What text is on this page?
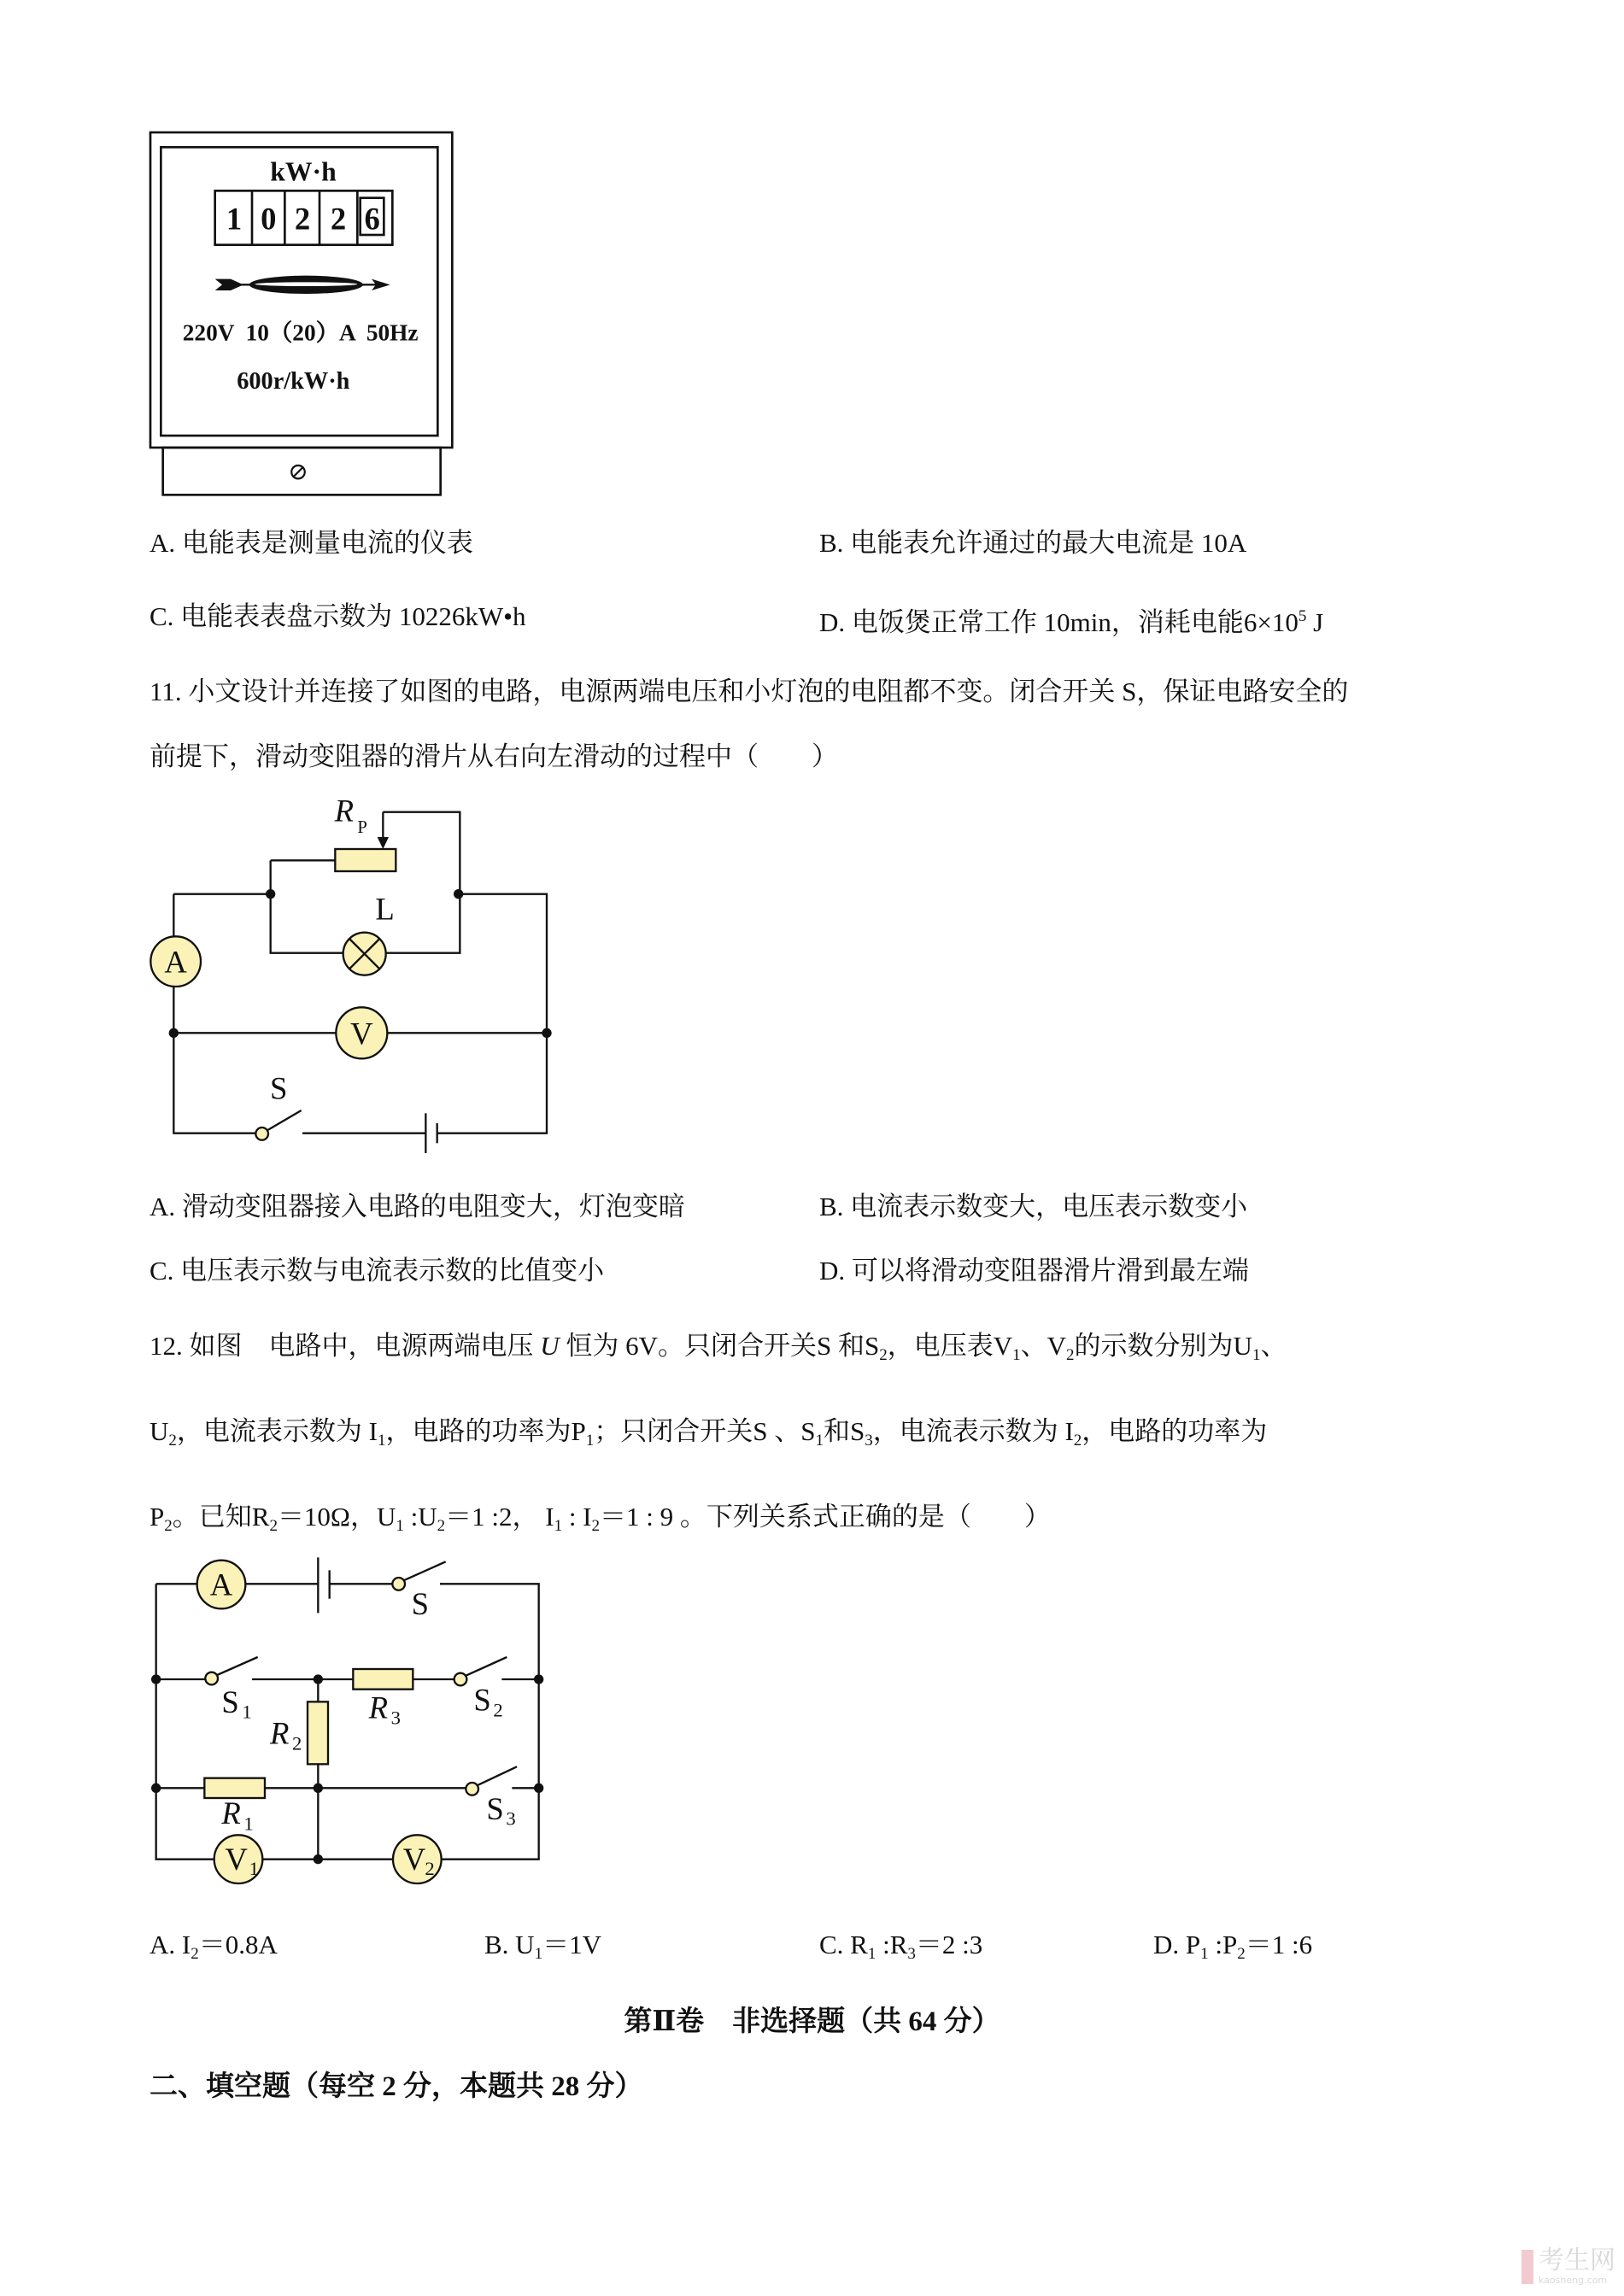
kW·h
1 0 2 2 6
220V  10（20）A  50Hz
600r/kW·h
⊘
A. 电能表是测量电流的仪表	B. 电能表允许通过的最大电流是 10A
C. 电能表表盘示数为 10226kW•h	D. 电饭煲正常工作 10min，消耗电能$6\times 10^5$ J
11. 小文设计并连接了如图的电路，电源两端电压和小灯泡的电阻都不变。闭合开关 S，保证电路安全的
前提下，滑动变阻器的滑片从右向左滑动的过程中（　　）
A
V
R P
L
S
A. 滑动变阻器接入电路的电阻变大，灯泡变暗	B. 电流表示数变大，电压表示数变小
C. 电压表示数与电流表示数的比值变小	D. 可以将滑动变阻器滑片滑到最左端
12. 如图　电路中，电源两端电压 U 恒为 6V。只闭合开关S 和$S_2$，电压表$V_1$、$V_2$的示数分别为$U_1$、
$U_2$，电流表示数为 $I_1$，电路的功率为$P_1$；只闭合开关S 、$S_1$和$S_3$，电流表示数为 $I_2$，电路的功率为
$P_2$。已知$R_2=10\Omega$，$U_1$ $:U_2=1$ :2， $I_1$ : $I_2=1$ : 9 。下列关系式正确的是（　　）
A
S
S 1 S 2
S 3
R 3
R 2
R 1
V 1 V 2
A. $I_2=0.8A$	B. $U_1=1V$	C. $R_1$ $:R_3=2$ :3	D. $P_1$ $:P_2=1$ :6
第Ⅱ卷　非选择题（共 64 分）
二、填空题（每空 2 分，本题共 28 分）
考生网
kaosheng.com
